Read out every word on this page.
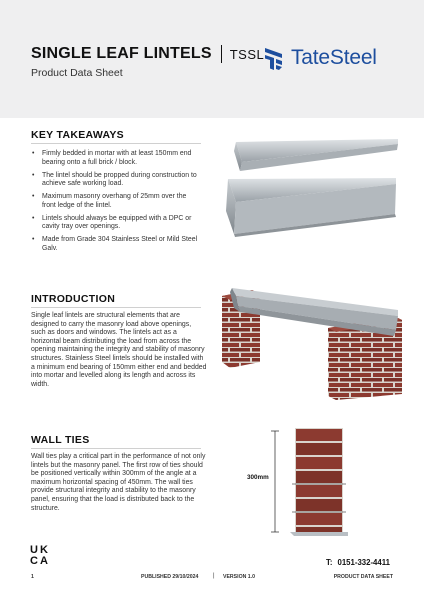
SINGLE LEAF LINTELS TSSL
Product Data Sheet
TateSteel
KEY TAKEAWAYS
• Firmly bedded in mortar with at least 150mm end bearing onto a full brick / block.
• The lintel should be propped during construction to achieve safe working load.
• Maximum masonry overhang of 25mm over the front ledge of the lintel.
• Lintels should always be equipped with a DPC or cavity tray over openings.
• Made from Grade 304 Stainless Steel or Mild Steel Galv.
INTRODUCTION

Single leaf lintels are structural elements that are designed to carry the masonry load above openings, such as doors and windows. The lintels act as a horizontal beam distributing the load from across the opening maintaining the integrity and stability of masonry structures. Stainless Steel lintels should be installed with a minimum end bearing of 150mm either end and bedded into mortar and levelled along its length and across its width.

WALL TIES

Wall ties play a critical part in the performance of not only lintels but the masonry panel. The first row of ties should be positioned vertically within 300mm of the angle at a maximum horizontal spacing of 450mm. The wall ties provide structural integrity and stability to the masonry panel, ensuring that the load is distributed back to the structure.

300mm
UK
CA	T: 0151-332-4411
1	PUBLISHED 29/10/2024 | VERSION 1.0	PRODUCT DATA SHEET
